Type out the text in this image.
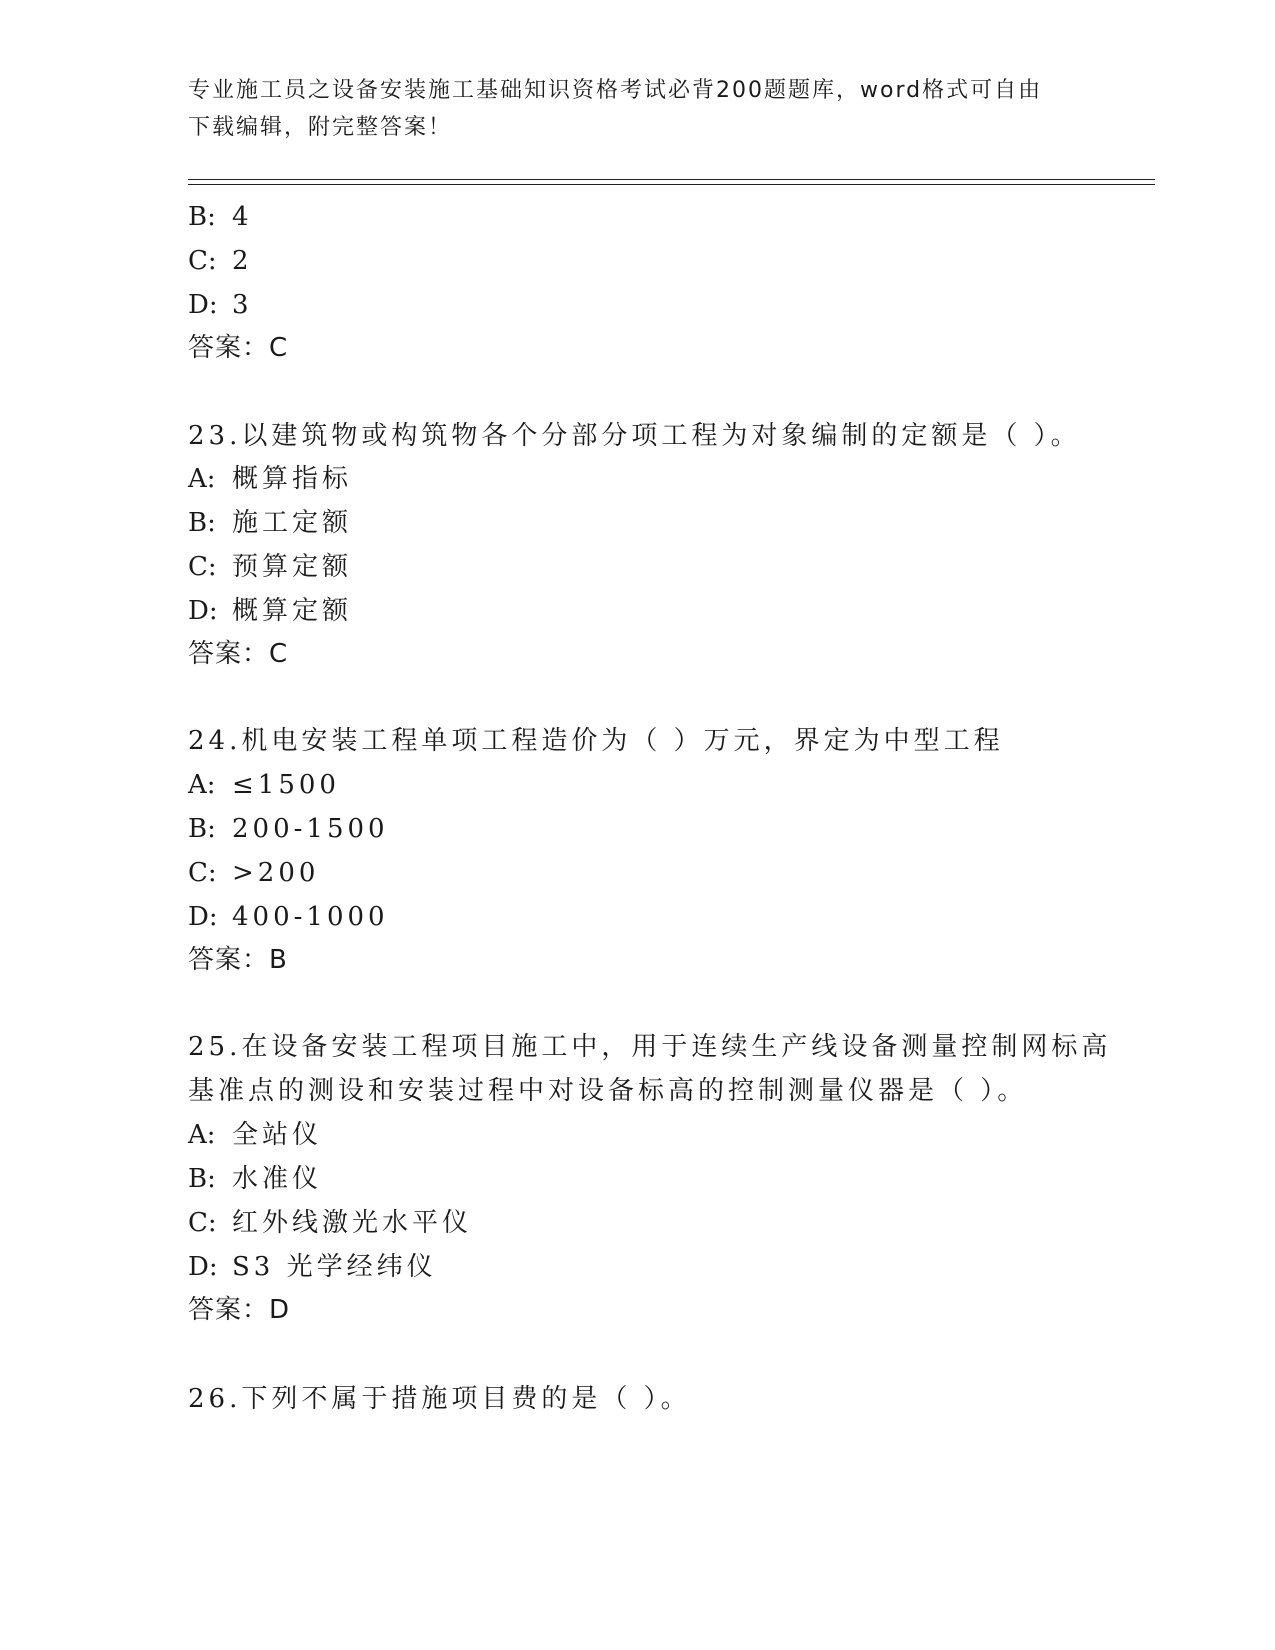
专业施工员之设备安装施工基础知识资格考试必背200题题库，word格式可自由
下载编辑，附完整答案！
B: 4
C: 2
D: 3
答案：C
23.以建筑物或构筑物各个分部分项工程为对象编制的定额是（ ）。
A: 概算指标
B: 施工定额
C: 预算定额
D: 概算定额
答案：C
24.机电安装工程单项工程造价为（ ）万元，界定为中型工程
A: ≤1500
B: 200-1500
C: >200
D: 400-1000
答案：B
25.在设备安装工程项目施工中，用于连续生产线设备测量控制网标高
基准点的测设和安装过程中对设备标高的控制测量仪器是（ ）。
A: 全站仪
B: 水准仪
C: 红外线激光水平仪
D: S3 光学经纬仪
答案：D
26.下列不属于措施项目费的是（ ）。
